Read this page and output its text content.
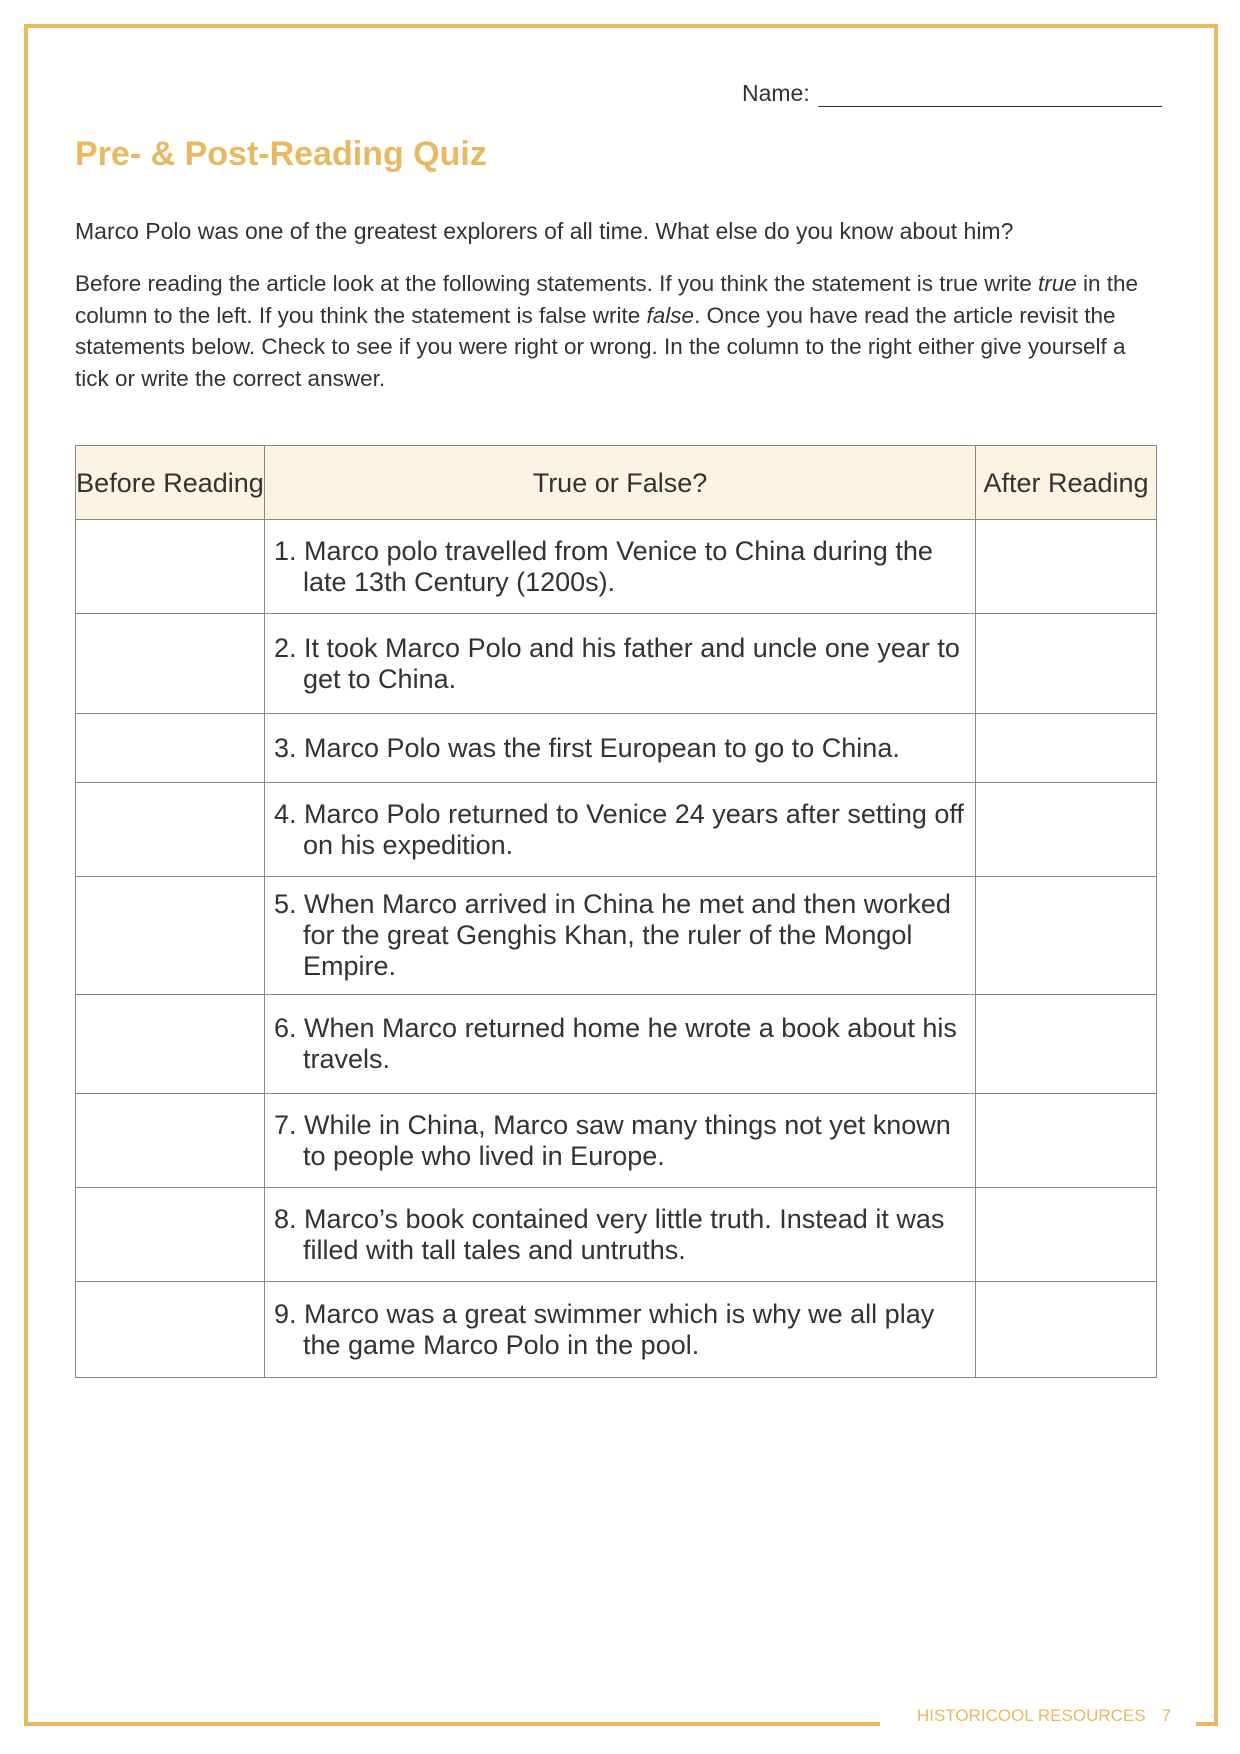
Name:
Pre- & Post-Reading Quiz

Marco Polo was one of the greatest explorers of all time. What else do you know about him?

Before reading the article look at the following statements. If you think the statement is true write true in the column to the left. If you think the statement is false write false. Once you have read the article revisit the statements below. Check to see if you were right or wrong. In the column to the right either give yourself a tick or write the correct answer.

Before Reading	True or False?	After Reading
	1. Marco polo travelled from Venice to China during the late 13th Century (1200s).	
	2. It took Marco Polo and his father and uncle one year to get to China.	
	3. Marco Polo was the first European to go to China.	
	4. Marco Polo returned to Venice 24 years after setting off on his expedition.	
	5. When Marco arrived in China he met and then worked for the great Genghis Khan, the ruler of the Mongol Empire.	
	6. When Marco returned home he wrote a book about his travels.	
	7. While in China, Marco saw many things not yet known to people who lived in Europe.	
	8. Marco’s book contained very little truth. Instead it was filled with tall tales and untruths.	
	9. Marco was a great swimmer which is why we all play the game Marco Polo in the pool.	
HISTORICOOL RESOURCES 7
